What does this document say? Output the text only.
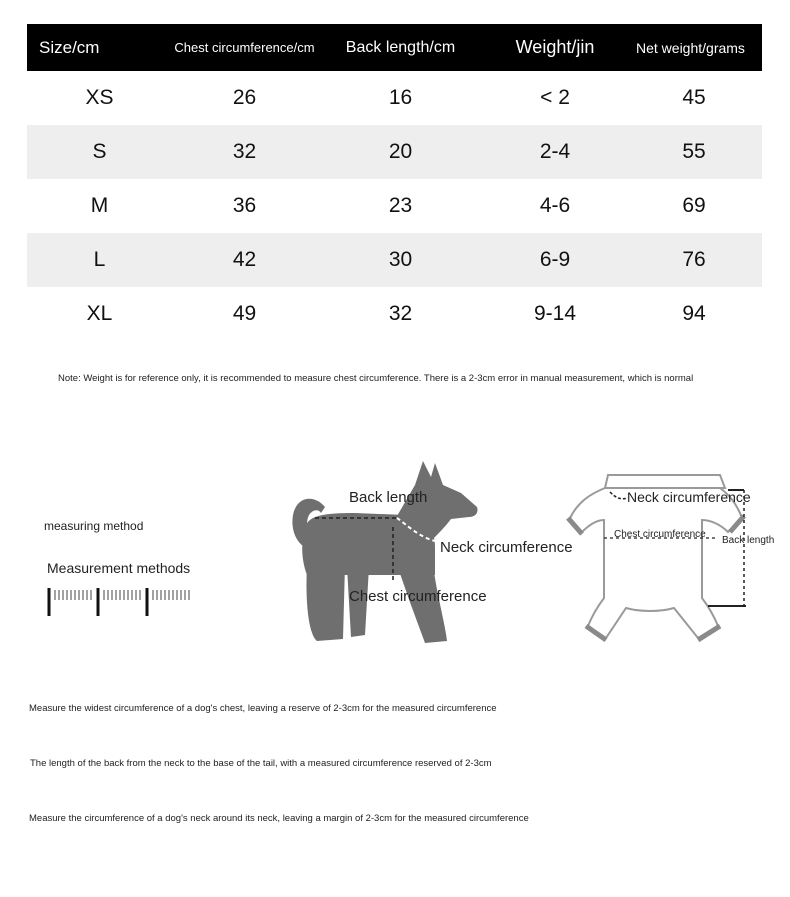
Size/cm	Chest circumference/cm	Back length/cm	Weight/jin	Net weight/grams
XS	26	16	< 2	45
S	32	20	2-4	55
M	36	23	4-6	69
L	42	30	6-9	76
XL	49	32	9-14	94
Note: Weight is for reference only, it is recommended to measure chest circumference. There is a 2-3cm error in manual measurement, which is normal
measuring method
Measurement methods
Back length
Neck circumference
Chest circumference
Neck circumference
Chest circumference
Back length
Measure the widest circumference of a dog's chest, leaving a reserve of 2-3cm for the measured circumference
The length of the back from the neck to the base of the tail, with a measured circumference reserved of 2-3cm
Measure the circumference of a dog's neck around its neck, leaving a margin of 2-3cm for the measured circumference
